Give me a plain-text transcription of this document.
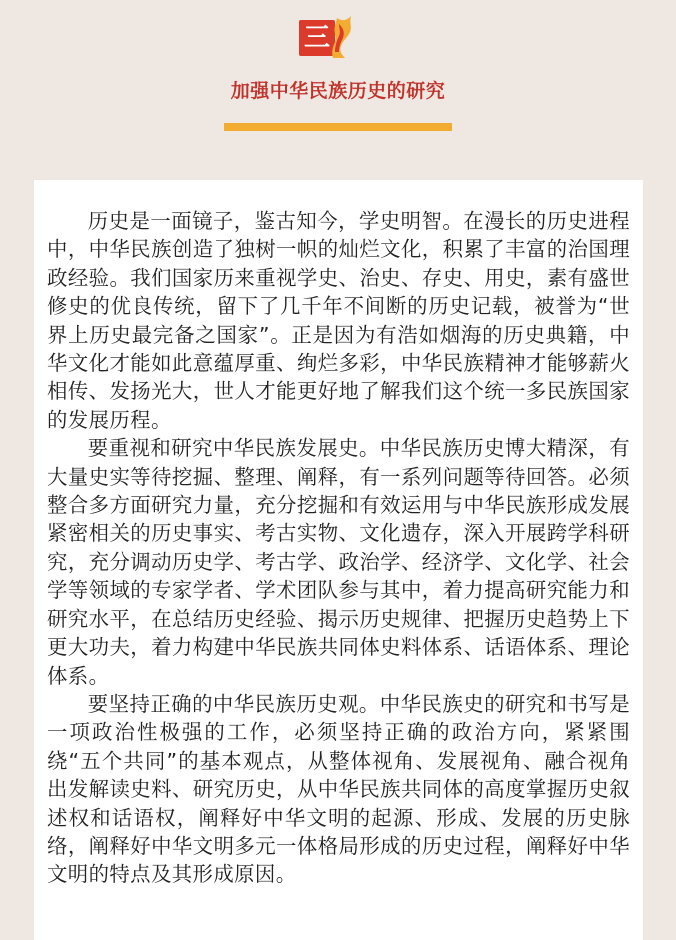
三
加强中华民族历史的研究

历史是一面镜子，鉴古知今，学史明智。在漫长的历史进程中，中华民族创造了独树一帜的灿烂文化，积累了丰富的治国理政经验。我们国家历来重视学史、治史、存史、用史，素有盛世修史的优良传统，留下了几千年不间断的历史记载，被誉为“世界上历史最完备之国家”。正是因为有浩如烟海的历史典籍，中华文化才能如此意蕴厚重、绚烂多彩，中华民族精神才能够薪火相传、发扬光大，世人才能更好地了解我们这个统一多民族国家的发展历程。

要重视和研究中华民族发展史。中华民族历史博大精深，有大量史实等待挖掘、整理、阐释，有一系列问题等待回答。必须整合多方面研究力量，充分挖掘和有效运用与中华民族形成发展紧密相关的历史事实、考古实物、文化遗存，深入开展跨学科研究，充分调动历史学、考古学、政治学、经济学、文化学、社会学等领域的专家学者、学术团队参与其中，着力提高研究能力和研究水平，在总结历史经验、揭示历史规律、把握历史趋势上下更大功夫，着力构建中华民族共同体史料体系、话语体系、理论体系。

要坚持正确的中华民族历史观。中华民族史的研究和书写是一项政治性极强的工作，必须坚持正确的政治方向，紧紧围绕“五个共同”的基本观点，从整体视角、发展视角、融合视角出发解读史料、研究历史，从中华民族共同体的高度掌握历史叙述权和话语权，阐释好中华文明的起源、形成、发展的历史脉络，阐释好中华文明多元一体格局形成的历史过程，阐释好中华文明的特点及其形成原因。
